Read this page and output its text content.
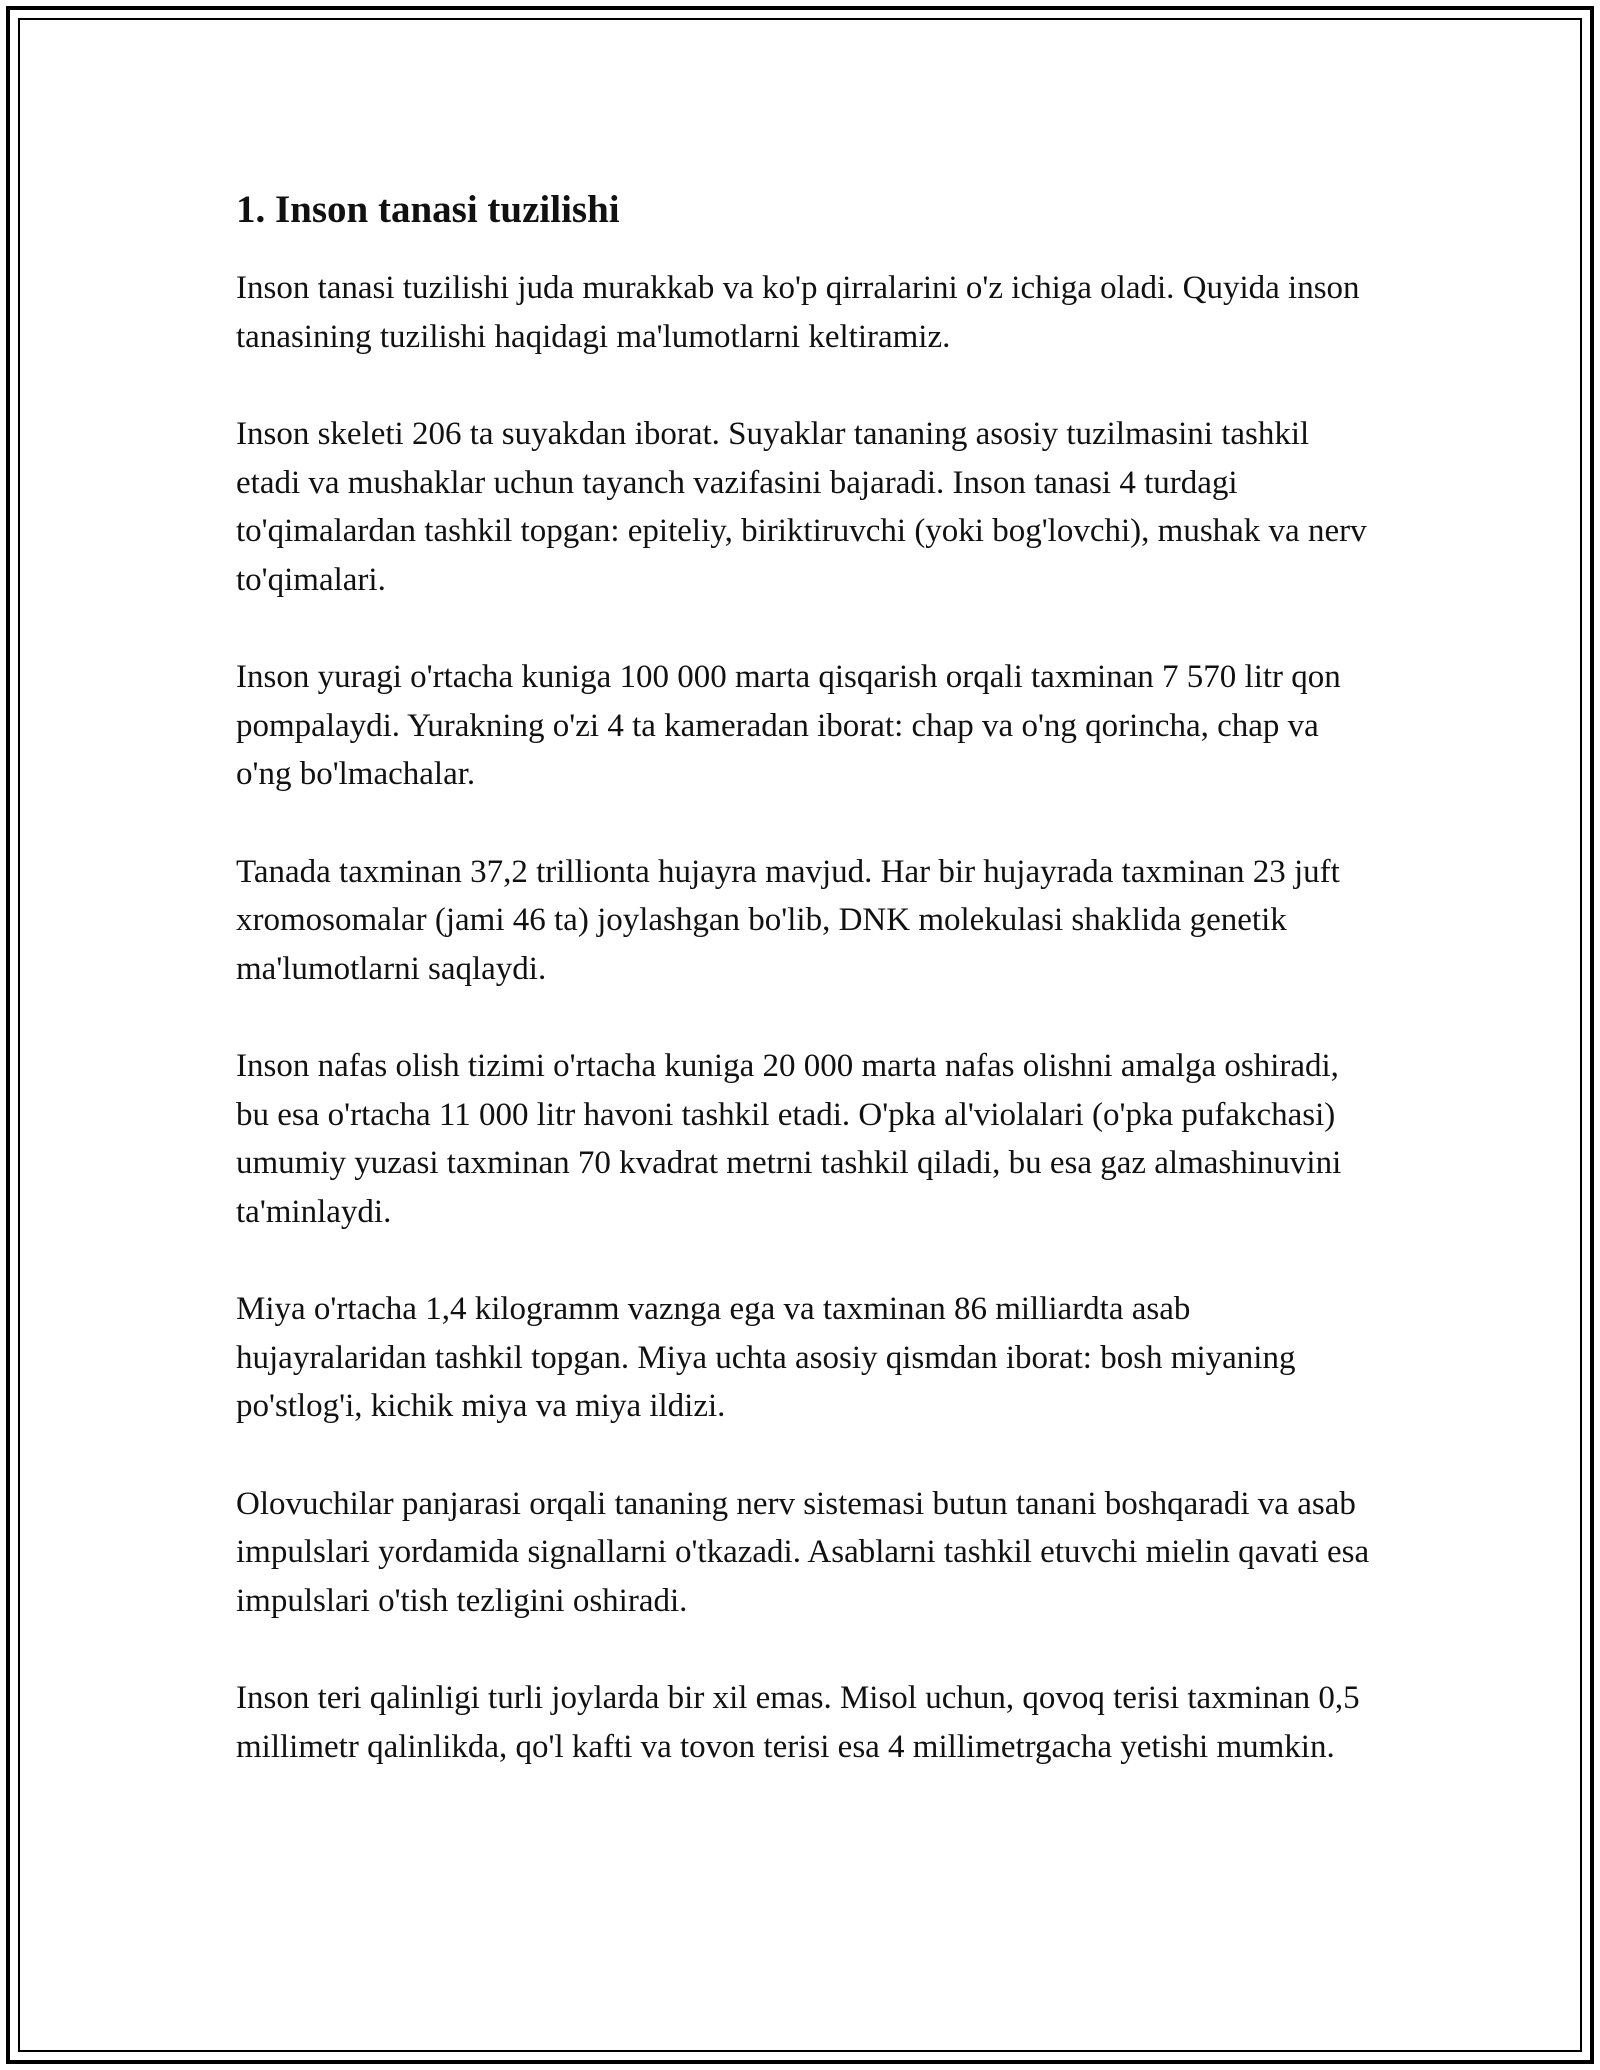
1. Inson tanasi tuzilishi

Inson tanasi tuzilishi juda murakkab va ko'p qirralarini o'z ichiga oladi. Quyida inson tanasining tuzilishi haqidagi ma'lumotlarni keltiramiz.

Inson skeleti 206 ta suyakdan iborat. Suyaklar tananing asosiy tuzilmasini tashkil etadi va mushaklar uchun tayanch vazifasini bajaradi. Inson tanasi 4 turdagi to'qimalardan tashkil topgan: epiteliy, biriktiruvchi (yoki bog'lovchi), mushak va nerv to'qimalari.

Inson yuragi o'rtacha kuniga 100 000 marta qisqarish orqali taxminan 7 570 litr qon pompalaydi. Yurakning o'zi 4 ta kameradan iborat: chap va o'ng qorincha, chap va o'ng bo'lmachalar.

Tanada taxminan 37,2 trillionta hujayra mavjud. Har bir hujayrada taxminan 23 juft xromosomalar (jami 46 ta) joylashgan bo'lib, DNK molekulasi shaklida genetik ma'lumotlarni saqlaydi.

Inson nafas olish tizimi o'rtacha kuniga 20 000 marta nafas olishni amalga oshiradi, bu esa o'rtacha 11 000 litr havoni tashkil etadi. O'pka al'violalari (o'pka pufakchasi) umumiy yuzasi taxminan 70 kvadrat metrni tashkil qiladi, bu esa gaz almashinuvini ta'minlaydi.

Miya o'rtacha 1,4 kilogramm vaznga ega va taxminan 86 milliardta asab hujayralaridan tashkil topgan. Miya uchta asosiy qismdan iborat: bosh miyaning po'stlog'i, kichik miya va miya ildizi.

Olovuchilar panjarasi orqali tananing nerv sistemasi butun tanani boshqaradi va asab impulslari yordamida signallarni o'tkazadi. Asablarni tashkil etuvchi mielin qavati esa impulslari o'tish tezligini oshiradi.

Inson teri qalinligi turli joylarda bir xil emas. Misol uchun, qovoq terisi taxminan 0,5 millimetr qalinlikda, qo'l kafti va tovon terisi esa 4 millimetrgacha yetishi mumkin.
